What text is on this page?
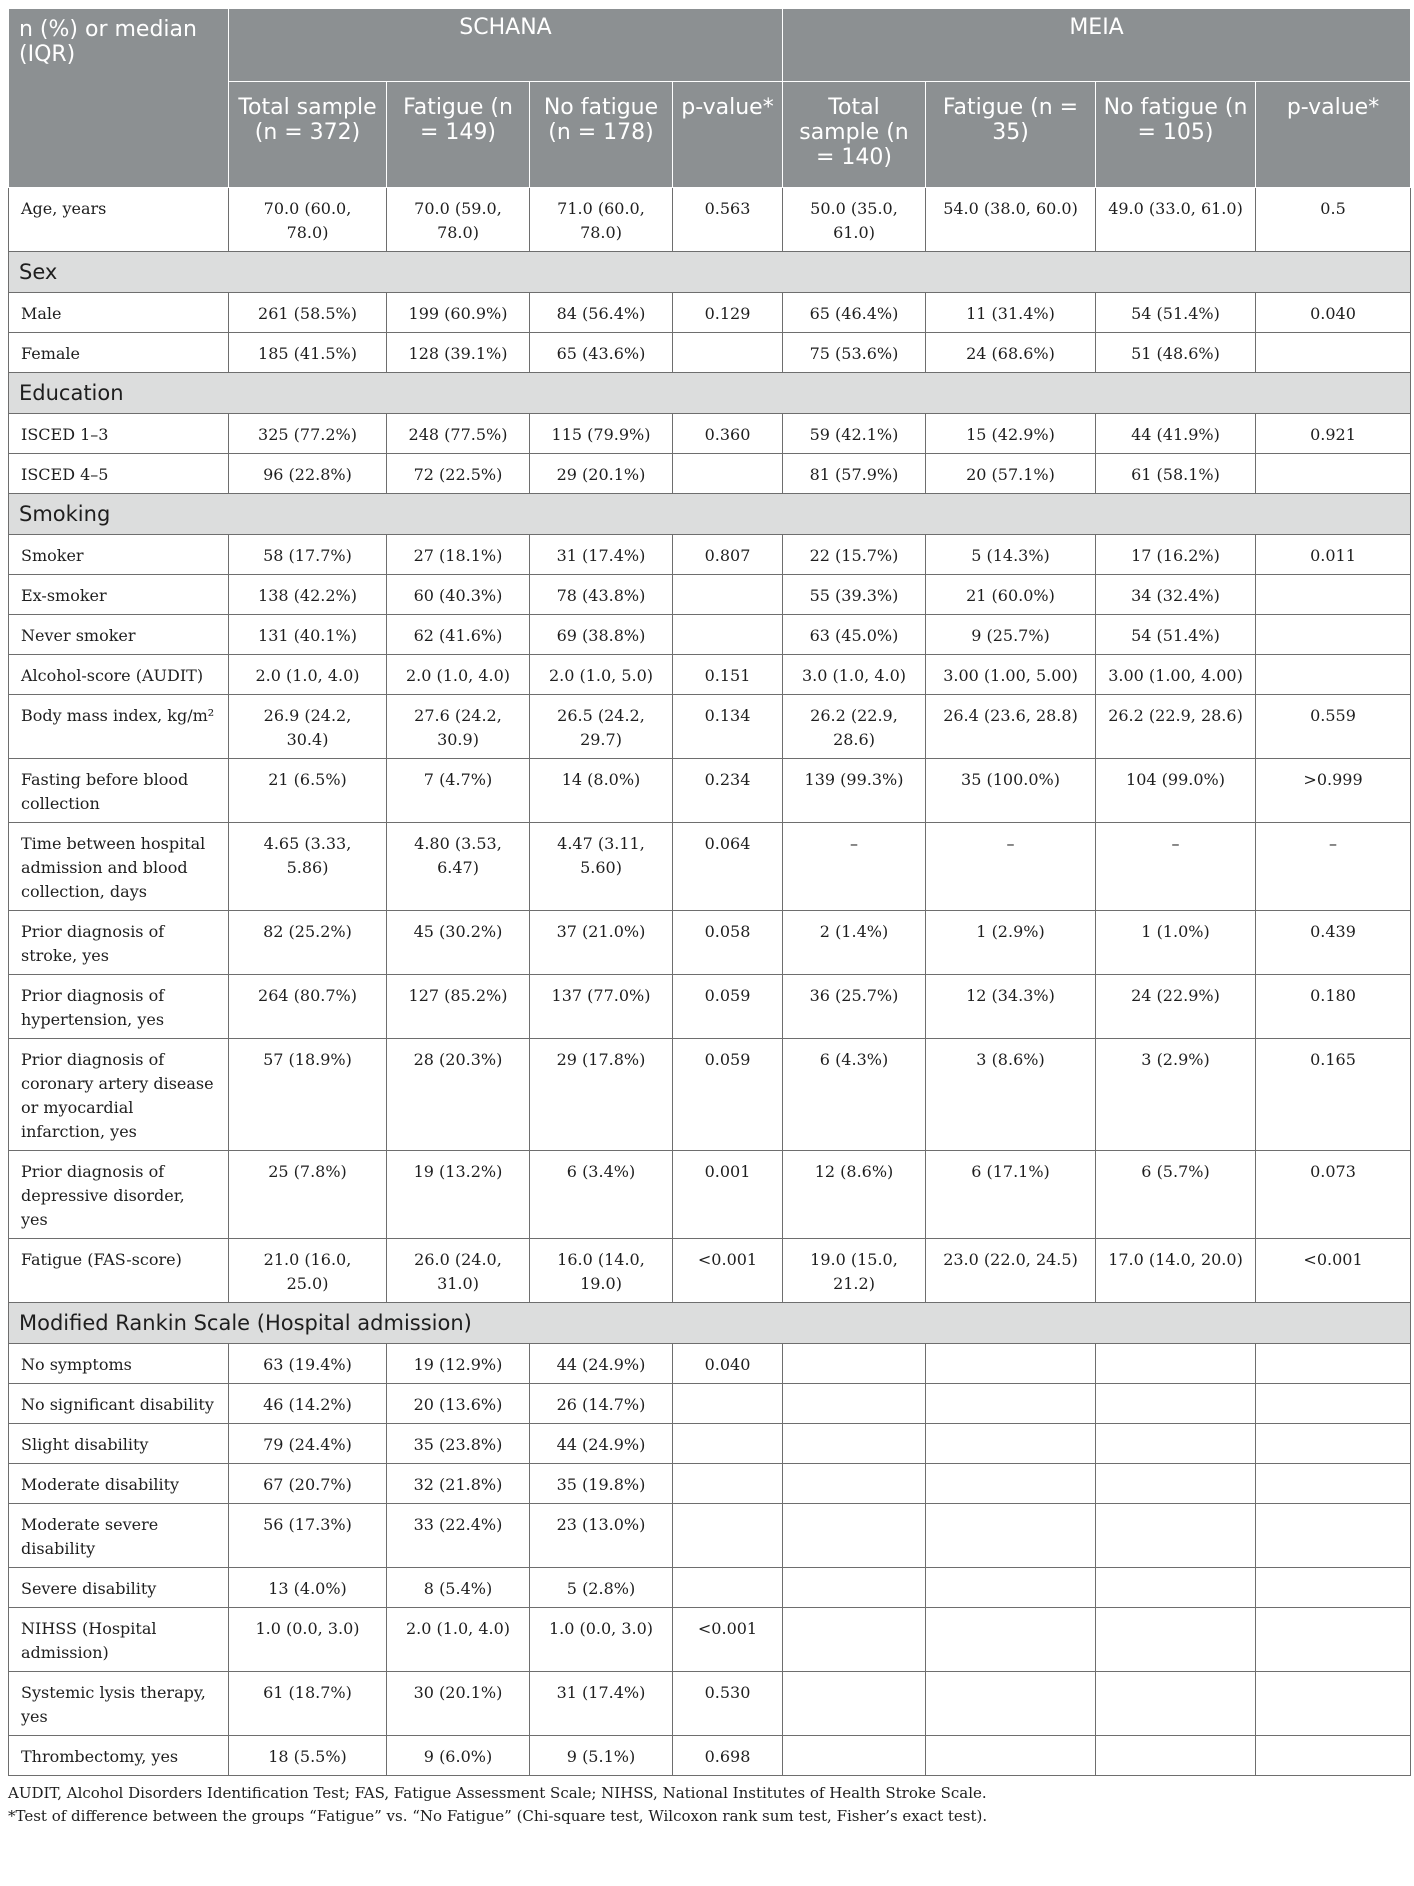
n (%) or median (IQR)	SCHANA				MEIA			
	Total sample (n = 372)	Fatigue (n = 149)	No fatigue (n = 178)	p-value*	Total sample (n = 140)	Fatigue (n = 35)	No fatigue (n = 105)	p-value*
Age, years	70.0 (60.0, 78.0)	70.0 (59.0, 78.0)	71.0 (60.0, 78.0)	0.563	50.0 (35.0, 61.0)	54.0 (38.0, 60.0)	49.0 (33.0, 61.0)	0.5
Sex								
Male	261 (58.5%)	199 (60.9%)	84 (56.4%)	0.129	65 (46.4%)	11 (31.4%)	54 (51.4%)	0.040
Female	185 (41.5%)	128 (39.1%)	65 (43.6%)		75 (53.6%)	24 (68.6%)	51 (48.6%)	
Education								
ISCED 1–3	325 (77.2%)	248 (77.5%)	115 (79.9%)	0.360	59 (42.1%)	15 (42.9%)	44 (41.9%)	0.921
ISCED 4–5	96 (22.8%)	72 (22.5%)	29 (20.1%)		81 (57.9%)	20 (57.1%)	61 (58.1%)	
Smoking								
Smoker	58 (17.7%)	27 (18.1%)	31 (17.4%)	0.807	22 (15.7%)	5 (14.3%)	17 (16.2%)	0.011
Ex-smoker	138 (42.2%)	60 (40.3%)	78 (43.8%)		55 (39.3%)	21 (60.0%)	34 (32.4%)	
Never smoker	131 (40.1%)	62 (41.6%)	69 (38.8%)		63 (45.0%)	9 (25.7%)	54 (51.4%)	
Alcohol-score (AUDIT)	2.0 (1.0, 4.0)	2.0 (1.0, 4.0)	2.0 (1.0, 5.0)	0.151	3.0 (1.0, 4.0)	3.00 (1.00, 5.00)	3.00 (1.00, 4.00)	
Body mass index, kg/m²	26.9 (24.2, 30.4)	27.6 (24.2, 30.9)	26.5 (24.2, 29.7)	0.134	26.2 (22.9, 28.6)	26.4 (23.6, 28.8)	26.2 (22.9, 28.6)	0.559
Fasting before blood collection	21 (6.5%)	7 (4.7%)	14 (8.0%)	0.234	139 (99.3%)	35 (100.0%)	104 (99.0%)	>0.999
Time between hospital admission and blood collection, days	4.65 (3.33, 5.86)	4.80 (3.53, 6.47)	4.47 (3.11, 5.60)	0.064	–	–	–	–
Prior diagnosis of stroke, yes	82 (25.2%)	45 (30.2%)	37 (21.0%)	0.058	2 (1.4%)	1 (2.9%)	1 (1.0%)	0.439
Prior diagnosis of hypertension, yes	264 (80.7%)	127 (85.2%)	137 (77.0%)	0.059	36 (25.7%)	12 (34.3%)	24 (22.9%)	0.180
Prior diagnosis of coronary artery disease or myocardial infarction, yes	57 (18.9%)	28 (20.3%)	29 (17.8%)	0.059	6 (4.3%)	3 (8.6%)	3 (2.9%)	0.165
Prior diagnosis of depressive disorder, yes	25 (7.8%)	19 (13.2%)	6 (3.4%)	0.001	12 (8.6%)	6 (17.1%)	6 (5.7%)	0.073
Fatigue (FAS-score)	21.0 (16.0, 25.0)	26.0 (24.0, 31.0)	16.0 (14.0, 19.0)	<0.001	19.0 (15.0, 21.2)	23.0 (22.0, 24.5)	17.0 (14.0, 20.0)	<0.001
Modified Rankin Scale (Hospital admission)								
No symptoms	63 (19.4%)	19 (12.9%)	44 (24.9%)	0.040				
No significant disability	46 (14.2%)	20 (13.6%)	26 (14.7%)					
Slight disability	79 (24.4%)	35 (23.8%)	44 (24.9%)					
Moderate disability	67 (20.7%)	32 (21.8%)	35 (19.8%)					
Moderate severe disability	56 (17.3%)	33 (22.4%)	23 (13.0%)					
Severe disability	13 (4.0%)	8 (5.4%)	5 (2.8%)					
NIHSS (Hospital admission)	1.0 (0.0, 3.0)	2.0 (1.0, 4.0)	1.0 (0.0, 3.0)	<0.001				
Systemic lysis therapy, yes	61 (18.7%)	30 (20.1%)	31 (17.4%)	0.530				
Thrombectomy, yes	18 (5.5%)	9 (6.0%)	9 (5.1%)	0.698				
AUDIT, Alcohol Disorders Identification Test; FAS, Fatigue Assessment Scale; NIHSS, National Institutes of Health Stroke Scale.
*Test of difference between the groups “Fatigue” vs. “No Fatigue” (Chi-square test, Wilcoxon rank sum test, Fisher’s exact test).
